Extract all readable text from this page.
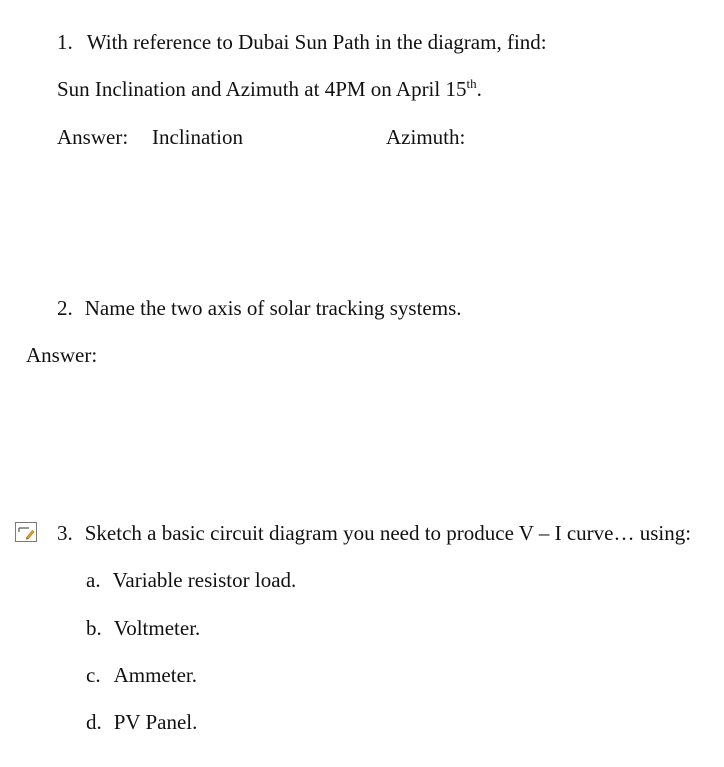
1. With reference to Dubai Sun Path in the diagram, find:
Sun Inclination and Azimuth at 4PM on April 15th.
Answer: Inclination	Azimuth:
2. Name the two axis of solar tracking systems.
Answer:
3. Sketch a basic circuit diagram you need to produce V – I curve… using:
a. Variable resistor load.
b. Voltmeter.
c. Ammeter.
d. PV Panel.
